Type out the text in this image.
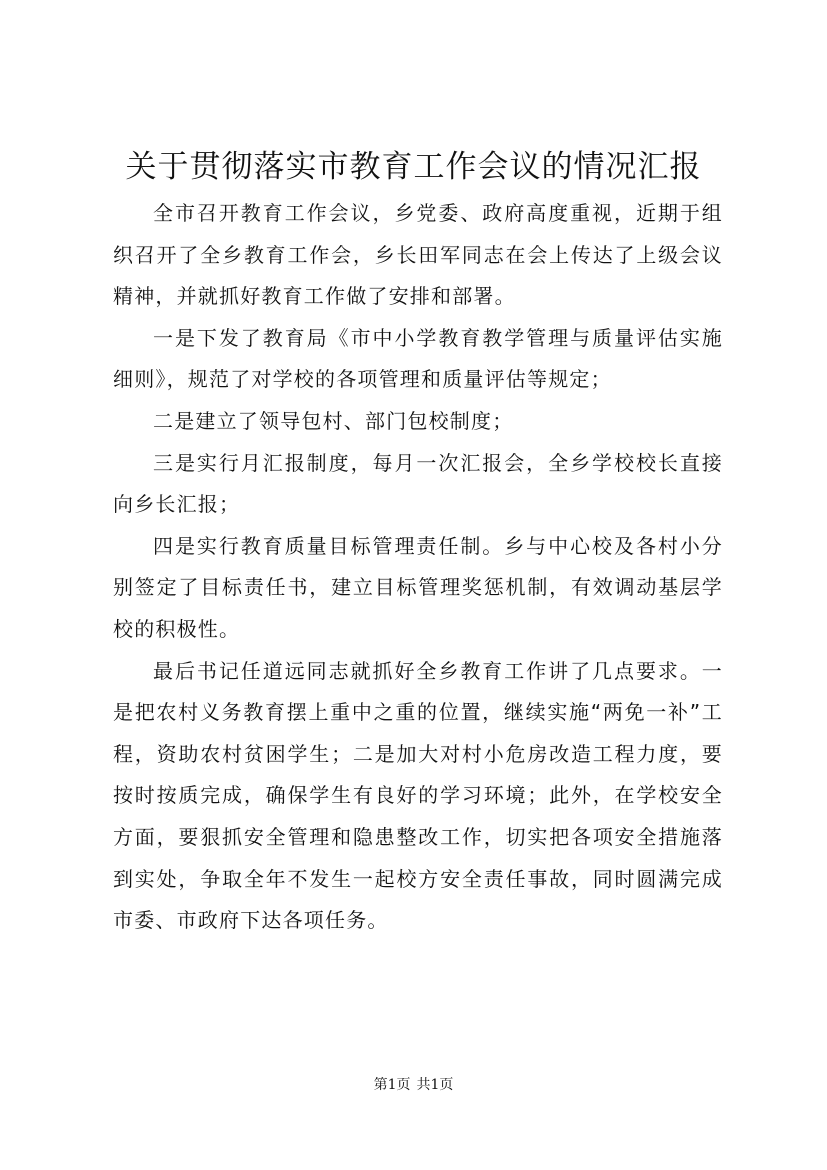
关于贯彻落实市教育工作会议的情况汇报

全市召开教育工作会议，乡党委、政府高度重视，近期于组织召开了全乡教育工作会，乡长田军同志在会上传达了上级会议精神，并就抓好教育工作做了安排和部署。

一是下发了教育局《市中小学教育教学管理与质量评估实施细则》，规范了对学校的各项管理和质量评估等规定；

二是建立了领导包村、部门包校制度；

三是实行月汇报制度，每月一次汇报会，全乡学校校长直接向乡长汇报；

四是实行教育质量目标管理责任制。乡与中心校及各村小分别签定了目标责任书，建立目标管理奖惩机制，有效调动基层学校的积极性。

最后书记任道远同志就抓好全乡教育工作讲了几点要求。一是把农村义务教育摆上重中之重的位置，继续实施“两免一补”工程，资助农村贫困学生；二是加大对村小危房改造工程力度，要按时按质完成，确保学生有良好的学习环境；此外，在学校安全方面，要狠抓安全管理和隐患整改工作，切实把各项安全措施落到实处，争取全年不发生一起校方安全责任事故，同时圆满完成市委、市政府下达各项任务。

第1页 共1页
